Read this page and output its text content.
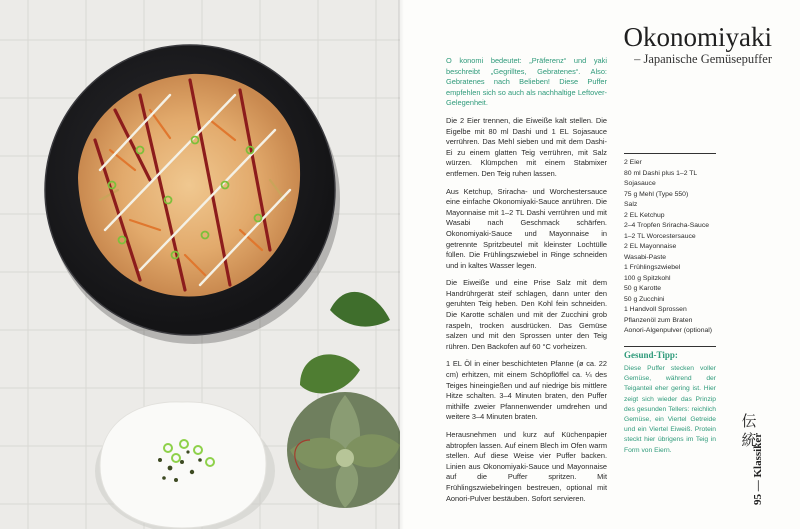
Okonomiyaki
– Japanische Gemüsepuffer

O konomi bedeutet: „Präferenz“ und yaki beschreibt „Gegrilltes, Gebratenes“. Also: Gebratenes nach Belieben! Diese Puffer empfehlen sich so auch als nachhaltige Leftover-Gelegenheit.

Die 2 Eier trennen, die Eiweiße kalt stellen. Die Eigelbe mit 80 ml Dashi und 1 EL Sojasauce verrühren. Das Mehl sieben und mit dem Dashi-Ei zu einem glatten Teig verrühren, mit Salz würzen. Klümpchen mit einem Stabmixer entfernen. Den Teig ruhen lassen.

Aus Ketchup, Sriracha- und Worchestersauce eine einfache Okonomiyaki-Sauce anrühren. Die Mayonnaise mit 1–2 TL Dashi verrühren und mit Wasabi nach Geschmack schärfen. Okonomiyaki-Sauce und Mayonnaise in getrennte Spritzbeutel mit kleinster Lochtülle füllen. Die Frühlingszwiebel in Ringe schneiden und in kaltes Wasser legen.

Die Eiweiße und eine Prise Salz mit dem Handrührgerät steif schlagen, dann unter den geruhten Teig heben. Den Kohl fein schneiden. Die Karotte schälen und mit der Zucchini grob raspeln, trocken ausdrücken. Das Gemüse salzen und mit den Sprossen unter den Teig rühren. Den Backofen auf 60 °C vorheizen.

1 EL Öl in einer beschichteten Pfanne (ø ca. 22 cm) erhitzen, mit einem Schöpflöffel ca. ¼ des Teiges hineingießen und auf niedrige bis mittlere Hitze schalten. 3–4 Minuten braten, den Puffer mithilfe zweier Pfannenwender umdrehen und weitere 3–4 Minuten braten.

Herausnehmen und kurz auf Küchenpapier abtropfen lassen. Auf einem Blech im Ofen warm stellen. Auf diese Weise vier Puffer backen. Linien aus Okonomiyaki-Sauce und Mayonnaise auf die Puffer spritzen. Mit Frühlingszwiebelringen bestreuen, optional mit Aonori-Pulver bestäuben. Sofort servieren.

2 Eier
80 ml Dashi plus 1–2 TL
Sojasauce
75 g Mehl (Type 550)
Salz
2 EL Ketchup
2–4 Tropfen Sriracha-Sauce
1–2 TL Worcestersauce
2 EL Mayonnaise
Wasabi-Paste
1 Frühlingszwiebel
100 g Spitzkohl
50 g Karotte
50 g Zucchini
1 Handvoll Sprossen
Pflanzenöl zum Braten
Aonori-Algenpulver (optional)
Gesund-Tipp:
Diese Puffer stecken voller Gemüse, während der Teiganteil eher gering ist. Hier zeigt sich wieder das Prinzip des gesunden Tellers: reichlich Gemüse, ein Viertel Getreide und ein Viertel Eiweiß. Protein steckt hier übrigens im Teig in Form von Eiern.
伝
統
95 — Klassiker
